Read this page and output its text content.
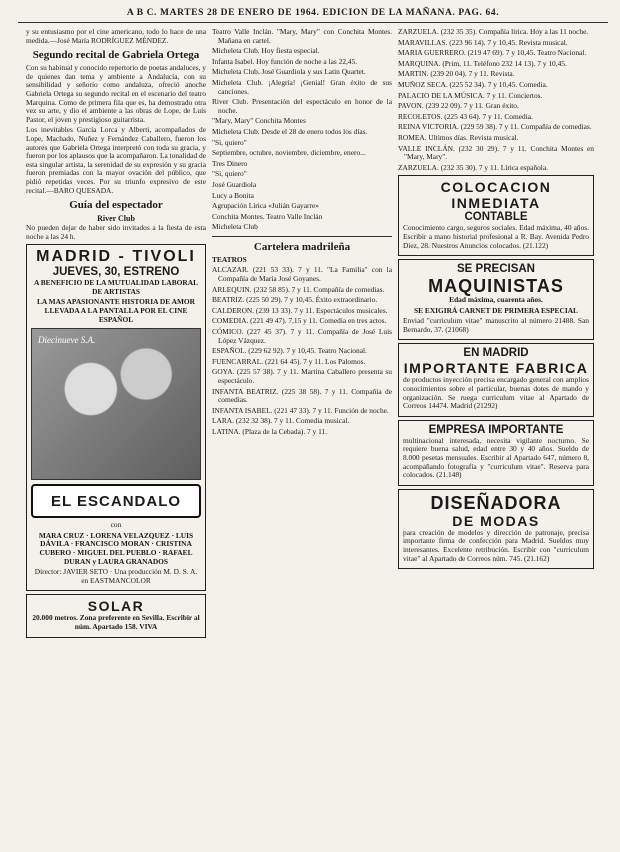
A B C. MARTES 28 DE ENERO DE 1964. EDICION DE LA MAÑANA. PAG. 64.

y su entusiasmo por el cine americano, todo lo hace de una medida.—José María RODRÍGUEZ MÉNDEZ.

Segundo recital de Gabriela Ortega

Con su habitual y conocido repertorio de poetas andaluces, y de quienes dan tema y ambiente a Andalucía, con su sensibilidad y señorío como andaluza, ofreció anoche Gabriela Ortega su segundo recital en el escenario del teatro Marquina. Como de primera fila que es, ha demostrado otra vez su arte, y dio el ambiente a las obras de Lope, de Luis Pastor, el joven y prestigioso guitarrista.

Los inevitables García Lorca y Alberti, acompañados de Lope, Machado, Nuñez y Fernández Caballero, fueron los autores que Gabriela Ortega interpretó con toda su gracia, y fueron por los aplausos que la acompañaron. La tonalidad de esta singular artista, la serenidad de su expresión y su gracia fueron premiadas con la mayor ovación del público, que pidió repetidas veces. Por su triunfo expresivo de este recital.—BARO QUESADA.

Guía del espectador
River Club

No pueden dejar de haber sido invitados a la fiesta de esta noche a las 24 h.

MADRID - TIVOLI
JUEVES, 30, ESTRENO

A BENEFICIO DE LA MUTUALIDAD LABORAL DE ARTISTAS

LA MAS APASIONANTE HISTORIA DE AMOR LLEVADA A LA PANTALLA POR EL CINE ESPAÑOL

Diecinueve S.A.
EL ESCANDALO

con

MARA CRUZ · LORENA VELAZQUEZ · LUIS DÁVILA · FRANCISCO MORAN · CRISTINA CUBERO · MIGUEL DEL PUEBLO · RAFAEL DURAN y LAURA GRANADOS

Director: JAVIER SETO · Una producción M. D. S. A. en EASTMANCOLOR

SOLAR

20.000 metros. Zona preferente en Sevilla. Escribir al núm. Apartado 158. VIVA

Teatro Valle Inclán. "Mary, Mary" con Conchita Montes. Mañana en cartel.

Micheleta Club. Hoy fiesta especial.

Infanta Isabel. Hoy función de noche a las 22,45.

Micheleta Club. José Guardiola y sus Latin Quartet.

Micheleta Club. ¡Alegría! ¡Genial! Gran éxito de sus canciones.

River Club. Presentación del espectáculo en honor de la noche.

"Mary, Mary" Conchita Montes

Micheleta Club. Desde el 28 de enero todos los días.

"Si, quiero"

Septiembre, octubre, noviembre, diciembre, enero...

Tres Dinero

"Si, quiero"

José Guardiola

Lucy a Bonita

Agrupación Lírica «Julián Gayarre»

Conchita Montes. Teatro Valle Inclán

Micheleta Club

Cartelera madrileña

TEATROS

ALCAZAR. (221 53 33). 7 y 11. "La Familia" con la Compañía de María José Goyanes.

ARLEQUIN. (232 58 85). 7 y 11. Compañía de comedias.

BEATRIZ. (225 50 29). 7 y 10,45. Éxito extraordinario.

CALDERON. (239 13 33). 7 y 11. Espectáculos musicales.

COMEDIA. (221 49 47). 7,15 y 11. Comedia en tres actos.

CÓMICO. (227 45 37). 7 y 11. Compañía de José Luis López Vázquez.

ESPAÑOL. (229 62 92). 7 y 10,45. Teatro Nacional.

FUENCARRAL. (221 64 45). 7 y 11. Los Palomos.

GOYA. (225 57 38). 7 y 11. Martina Caballero presenta su espectáculo.

INFANTA BEATRIZ. (225 38 58). 7 y 11. Compañía de comedias.

INFANTA ISABEL. (221 47 33). 7 y 11. Función de noche.

LARA. (232 32 38). 7 y 11. Comedia musical.

LATINA. (Plaza de la Cebada). 7 y 11.

ZARZUELA. (232 35 35). Compañía lírica. Hoy a las 11 noche.

MARAVILLAS. (223 96 14). 7 y 10,45. Revista musical.

MARIA GUERRERO. (219 47 69). 7 y 10,45. Teatro Nacional.

MARQUINA. (Prim, 11. Teléfono 232 14 13). 7 y 10,45.

MARTIN. (239 20 04). 7 y 11. Revista.

MUÑOZ SECA. (225 52 34). 7 y 10,45. Comedia.

PALACIO DE LA MÚSICA. 7 y 11. Conciertos.

PAVON. (239 22 09). 7 y 11. Gran éxito.

RECOLETOS. (225 43 64). 7 y 11. Comedia.

REINA VICTORIA. (229 59 38). 7 y 11. Compañía de comedias.

ROMEA. Ultimos días. Revista musical.

VALLE INCLÁN. (232 30 29). 7 y 11. Conchita Montes en "Mary, Mary".

ZARZUELA. (232 35 30). 7 y 11. Lírica española.

COLOCACION INMEDIATA
CONTABLE

Conocimiento cargo, seguros sociales. Edad máxima, 40 años. Escribir a mano historial profesional a R. Bay. Avenida Pedro Díez, 28. Nuestros Anuncios colocados. (21.122)

SE PRECISAN
MAQUINISTAS

Edad máxima, cuarenta años.

SE EXIGIRÁ CARNET DE PRIMERA ESPECIAL

Enviad "curriculum vitae" manuscrito al número 21488. San Bernardo, 37. (21068)

EN MADRID
IMPORTANTE FABRICA

de productos inyección precisa encargado general con amplios conocimientos sobre el particular, buenas dotes de mando y organización. Se ruega curriculum vitae al Apartado de Correos 14474. Madrid (21292)

EMPRESA IMPORTANTE

multinacional interesada, necesita vigilante nocturno. Se requiere buena salud, edad entre 30 y 40 años. Sueldo de 8.000 pesetas mensuales. Escribir al Apartado 647, número 8, acompañando fotografía y "curriculum vitae". Reserva para colocados. (21.148)

DISEÑADORA
DE MODAS

para creación de modelos y dirección de patronaje, precisa importante firma de confección para Madrid. Sueldos muy interesantes. Excelente retribución. Escribir con "curriculum vitae" al Apartado de Correos núm. 745. (21.162)
